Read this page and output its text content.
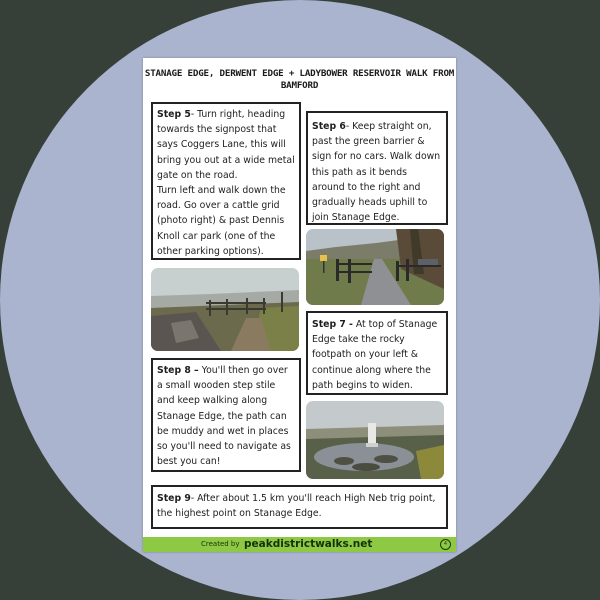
STANAGE EDGE, DERWENT EDGE + LADYBOWER RESERVOIR WALK FROM BAMFORD
Step 5- Turn right, heading towards the signpost that says Coggers Lane, this will bring you out at a wide metal gate on the road.
Turn left and walk down the road. Go over a cattle grid (photo right) & past Dennis Knoll car park (one of the other parking options).
Step 6- Keep straight on, past the green barrier & sign for no cars. Walk down this path as it bends around to the right and gradually heads uphill to join Stanage Edge.
Step 7 - At top of Stanage Edge take the rocky footpath on your left & continue along where the path begins to widen.
Step 8 – You'll then go over a small wooden step stile and keep walking along Stanage Edge, the path can be muddy and wet in places so you'll need to navigate as best you can!
Step 9- After about 1.5 km you'll reach High Neb trig point, the highest point on Stanage Edge.
Created by peakdistrictwalks.net	4
